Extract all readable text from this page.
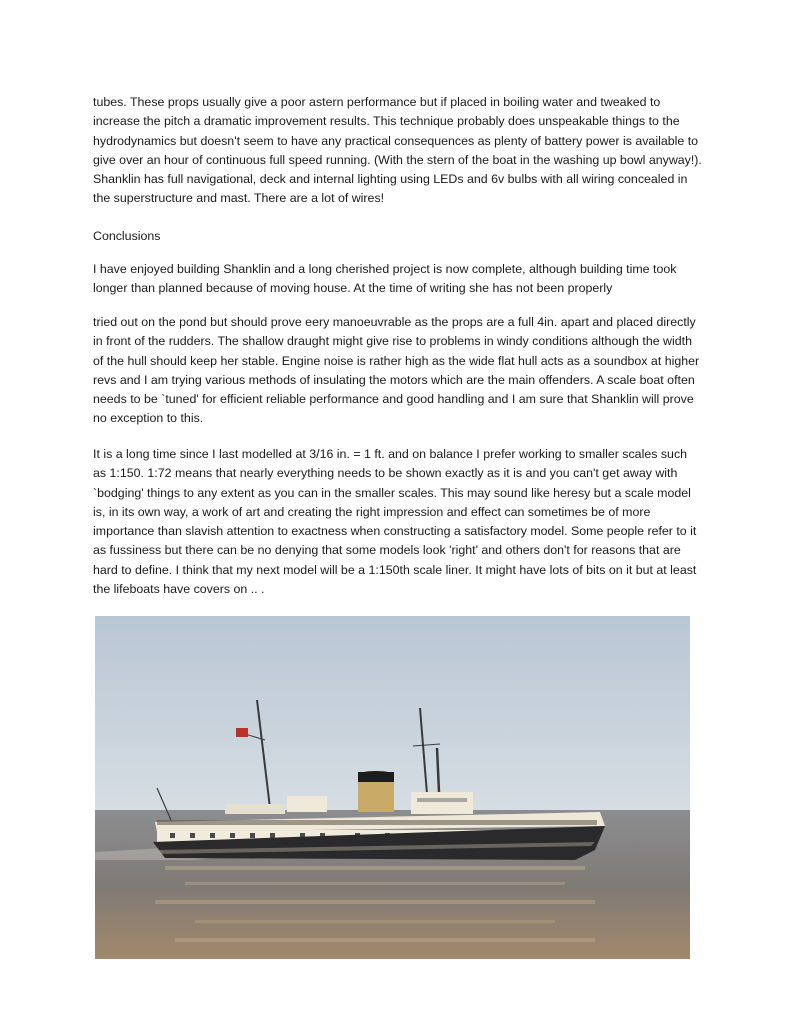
tubes. These props usually give a poor astern performance but if placed in boiling water and tweaked to increase the pitch a dramatic improvement results. This technique probably does unspeakable things to the hydrodynamics but doesn't seem to have any practical consequences as plenty of battery power is available to give over an hour of continuous full speed running. (With the stern of the boat in the washing up bowl anyway!). Shanklin has full navigational, deck and internal lighting using LEDs and 6v bulbs with all wiring concealed in the superstructure and mast. There are a lot of wires!

Conclusions

I have enjoyed building Shanklin and a long cherished project is now complete, although building time took longer than planned because of moving house. At the time of writing she has not been properly

tried out on the pond but should prove eery manoeuvrable as the props are a full 4in. apart and placed directly in front of the rudders. The shallow draught might give rise to problems in windy conditions although the width of the hull should keep her stable. Engine noise is rather high as the wide flat hull acts as a soundbox at higher revs and I am trying various methods of insulating the motors which are the main offenders. A scale boat often needs to be `tuned' for efficient reliable performance and good handling and I am sure that Shanklin will prove no exception to this.

It is a long time since I last modelled at 3/16 in. = 1 ft. and on balance I prefer working to smaller scales such as 1:150. 1:72 means that nearly everything needs to be shown exactly as it is and you can't get away with `bodging' things to any extent as you can in the smaller scales. This may sound like heresy but a scale model is, in its own way, a work of art and creating the right impression and effect can sometimes be of more importance than slavish attention to exactness when constructing a satisfactory model. Some people refer to it as fussiness but there can be no denying that some models look 'right' and others don't for reasons that are hard to define. I think that my next model will be a 1:150th scale liner. It might have lots of bits on it but at least the lifeboats have covers on .. .
